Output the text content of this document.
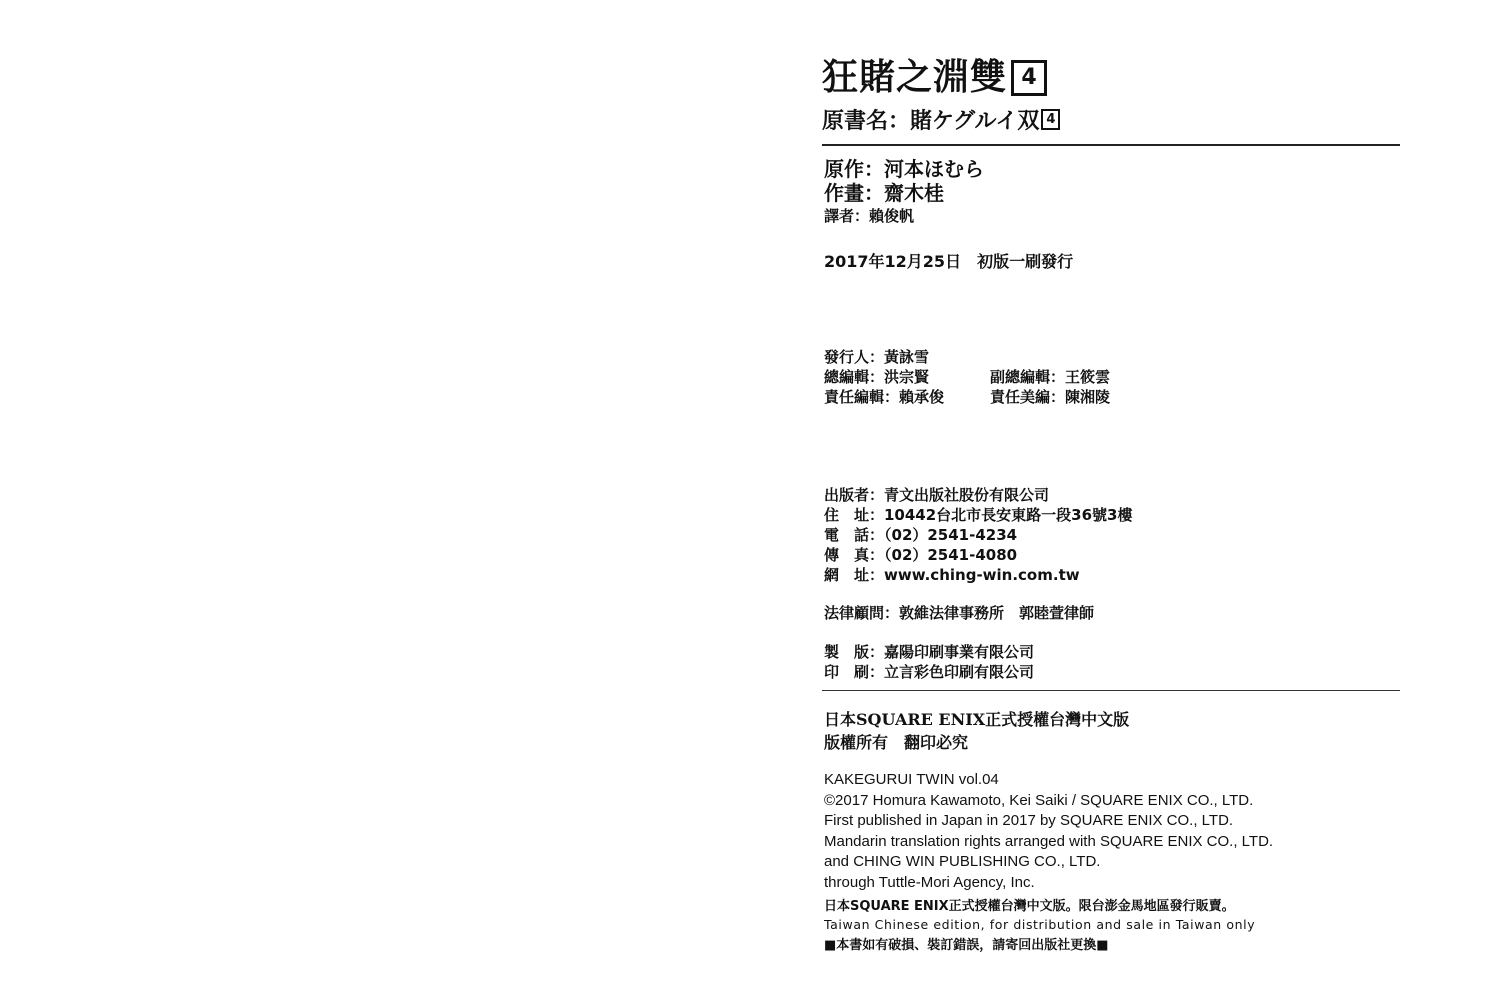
狂賭之淵雙 4
原書名：賭ケグルイ双 4
原作：河本ほむら
作畫：齋木桂
譯者：賴俊帆
2017年12月25日　初版一刷發行
發行人：黃詠雪
總編輯：洪宗賢	副總編輯：王筱雲
責任編輯：賴承俊	責任美編：陳湘陵
出版者：青文出版社股份有限公司
住　址：10442台北市長安東路一段36號3樓
電　話：（02）2541-4234
傳　真：（02）2541-4080
網　址：www.ching-win.com.tw
法律顧問：敦維法律事務所　郭睦萱律師
製　版：嘉陽印刷事業有限公司
印　刷：立言彩色印刷有限公司
日本SQUARE ENIX正式授權台灣中文版
版權所有　翻印必究
KAKEGURUI TWIN vol.04
©2017 Homura Kawamoto, Kei Saiki / SQUARE ENIX CO., LTD.
First published in Japan in 2017 by SQUARE ENIX CO., LTD.
Mandarin translation rights arranged with SQUARE ENIX CO., LTD.
and CHING WIN PUBLISHING CO., LTD.
through Tuttle-Mori Agency, Inc.
日本SQUARE ENIX正式授權台灣中文版。限台澎金馬地區發行販賣。
Taiwan Chinese edition, for distribution and sale in Taiwan only
■本書如有破損、裝訂錯誤，請寄回出版社更換■
